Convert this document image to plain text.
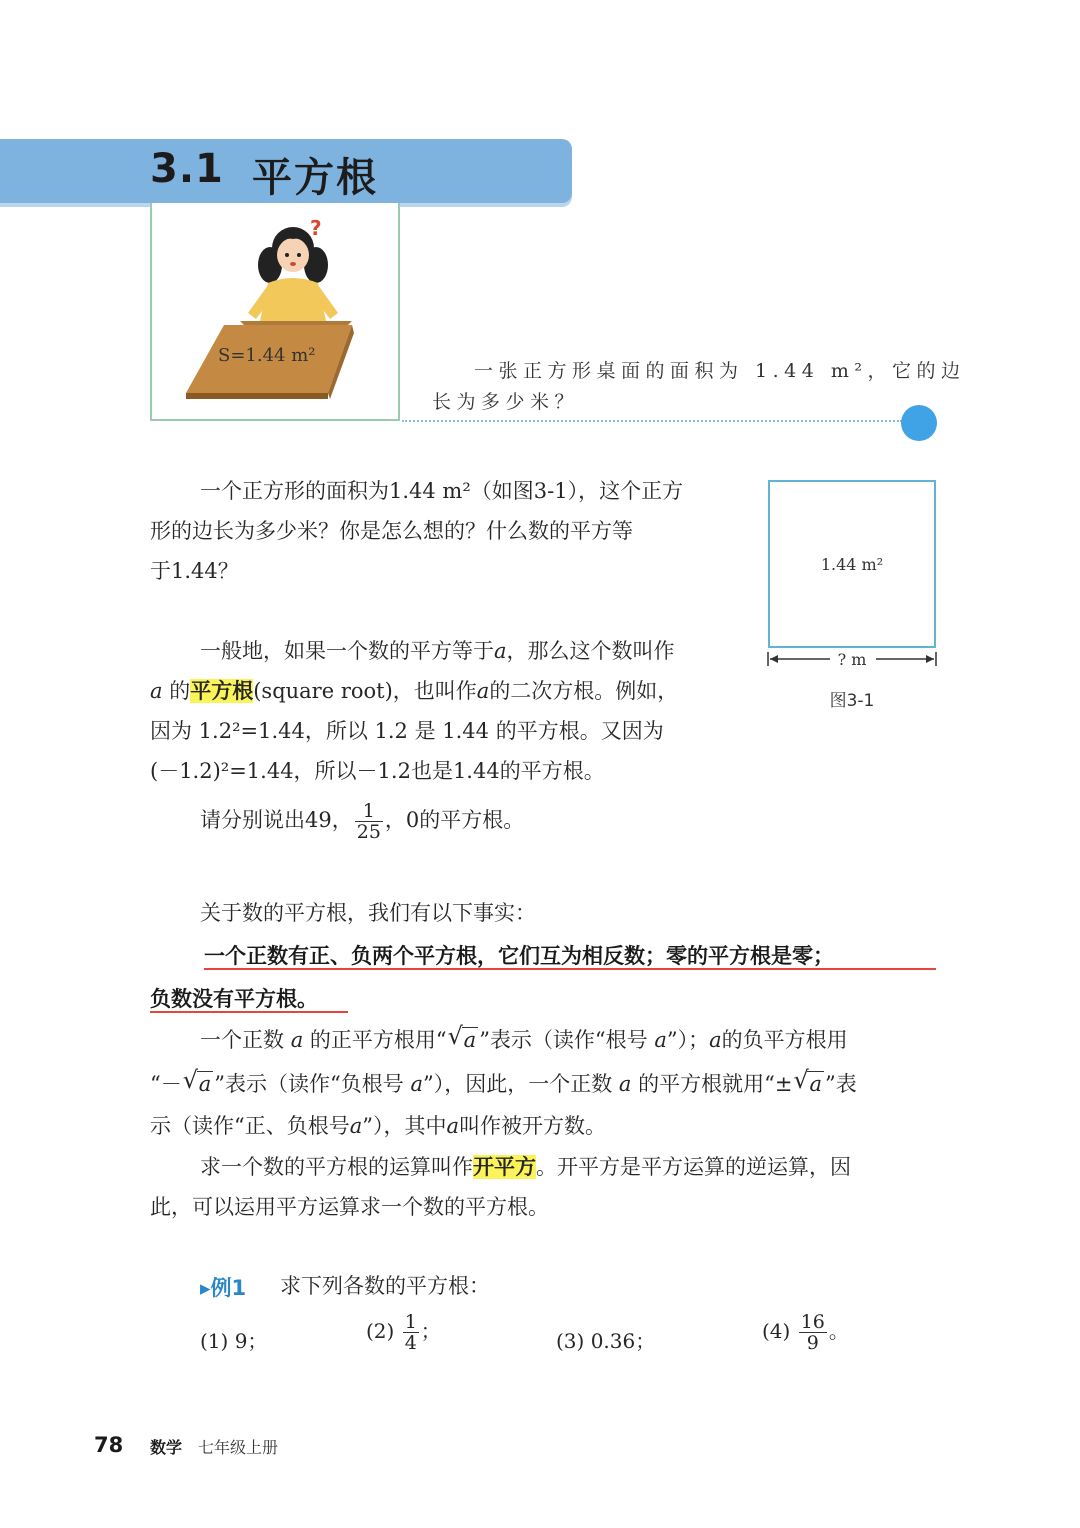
3.1 平方根
?
S=1.44 m²
一张正方形桌面的面积为 1.44 m²，它的边
长为多少米？
一个正方形的面积为1.44 m²（如图3-1），这个正方
形的边长为多少米？你是怎么想的？什么数的平方等
于1.44？	1.44 m²
? m
图3-1
一般地，如果一个数的平方等于a，那么这个数叫作
a 的平方根(square root)，也叫作a的二次方根。例如，
因为 1.2²=1.44，所以 1.2 是 1.44 的平方根。又因为
(－1.2)²=1.44，所以－1.2也是1.44的平方根。
请分别说出49， $\frac{1}{25}$ ，0的平方根。
关于数的平方根，我们有以下事实：
一个正数有正、负两个平方根，它们互为相反数；零的平方根是零；
负数没有平方根。
一个正数 a 的正平方根用“ √ a ”表示（读作“根号 a”）；a的负平方根用
“－ √ a ”表示（读作“负根号 a”），因此，一个正数 a 的平方根就用“± √ a ”表
示（读作“正、负根号a”），其中a叫作被开方数。
求一个数的平方根的运算叫作开平方。开平方是平方运算的逆运算，因
此，可以运用平方运算求一个数的平方根。
▸例1 求下列各数的平方根：
(1) 9；	$(2) \frac{1}{4}$ ；	(3) 0.36；	$(4) \frac{16}{9}$ 。
78 数学 七年级上册
